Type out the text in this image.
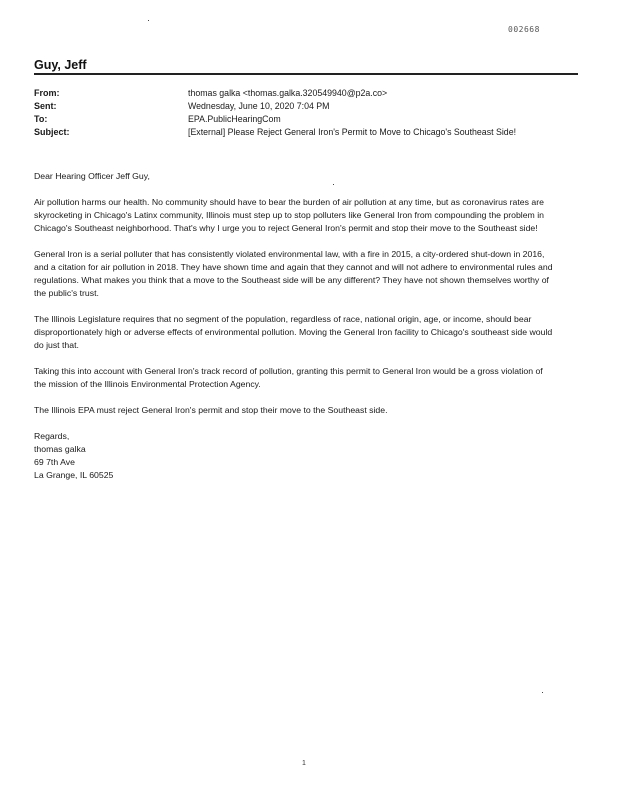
002668
Guy, Jeff
From:	thomas galka <thomas.galka.320549940@p2a.co>
Sent:	Wednesday, June 10, 2020 7:04 PM
To:	EPA.PublicHearingCom
Subject:	[External] Please Reject General Iron's Permit to Move to Chicago's Southeast Side!

Dear Hearing Officer Jeff Guy,

Air pollution harms our health. No community should have to bear the burden of air pollution at any time, but as coronavirus rates are skyrocketing in Chicago's Latinx community, Illinois must step up to stop polluters like General Iron from compounding the problem in Chicago's Southeast neighborhood. That's why I urge you to reject General Iron's permit and stop their move to the Southeast side!

General Iron is a serial polluter that has consistently violated environmental law, with a fire in 2015, a city-ordered shut-down in 2016, and a citation for air pollution in 2018. They have shown time and again that they cannot and will not adhere to environmental rules and regulations. What makes you think that a move to the Southeast side will be any different? They have not shown themselves worthy of the public's trust.

The Illinois Legislature requires that no segment of the population, regardless of race, national origin, age, or income, should bear disproportionately high or adverse effects of environmental pollution. Moving the General Iron facility to Chicago's southeast side would do just that.

Taking this into account with General Iron's track record of pollution, granting this permit to General Iron would be a gross violation of the mission of the Illinois Environmental Protection Agency.

The Illinois EPA must reject General Iron's permit and stop their move to the Southeast side.

Regards,

thomas galka

69 7th Ave

La Grange, IL 60525

1
